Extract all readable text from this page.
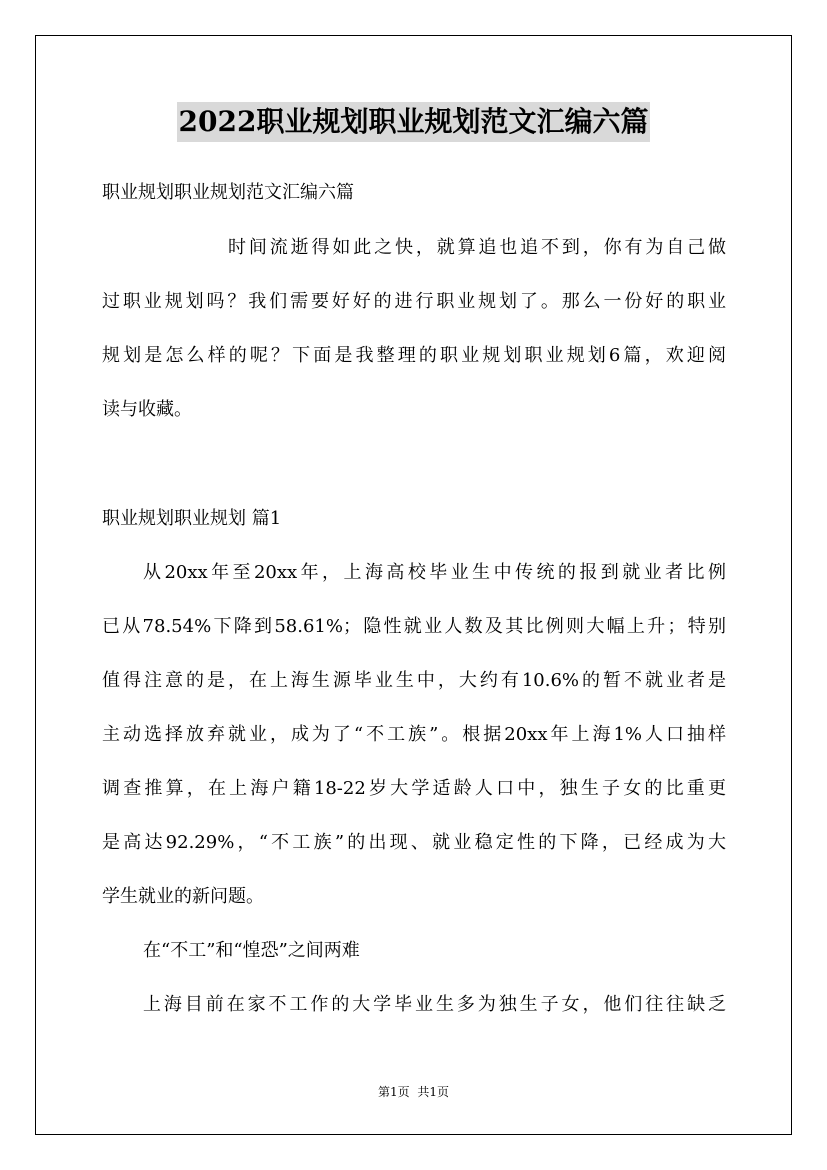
2022职业规划职业规划范文汇编六篇
职业规划职业规划范文汇编六篇
时间流逝得如此之快，就算追也追不到，你有为自己做
过职业规划吗？我们需要好好的进行职业规划了。那么一份好的职业
规划是怎么样的呢？下面是我整理的职业规划职业规划6篇，欢迎阅
读与收藏。
职业规划职业规划 篇1
从20xx年至20xx年，上海高校毕业生中传统的报到就业者比例
已从78.54%下降到58.61%；隐性就业人数及其比例则大幅上升；特别
值得注意的是，在上海生源毕业生中，大约有10.6%的暂不就业者是
主动选择放弃就业，成为了“不工族”。根据20xx年上海1%人口抽样
调查推算，在上海户籍18-22岁大学适龄人口中，独生子女的比重更
是高达92.29%，“不工族”的出现、就业稳定性的下降，已经成为大
学生就业的新问题。
在“不工”和“惶恐”之间两难
上海目前在家不工作的大学毕业生多为独生子女，他们往往缺乏
第1页 共1页
